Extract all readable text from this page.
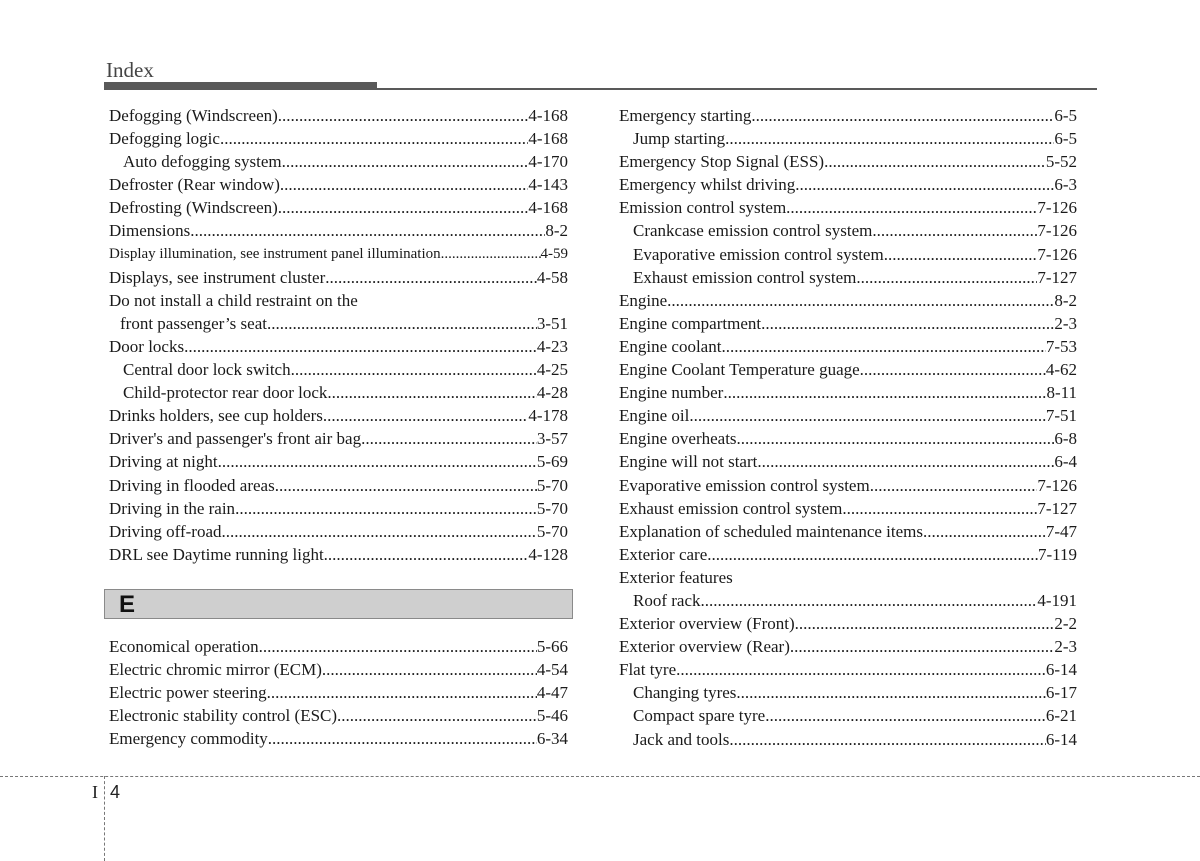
Index
Defogging (Windscreen) .....	4-168
Defogging logic .....	4-168
Auto defogging system .....	4-170
Defroster (Rear window) .....	4-143
Defrosting (Windscreen) .....	4-168
Dimensions .....	8-2
Display illumination, see instrument panel illumination .....	4-59
Displays, see instrument cluster .....	4-58
Do not install a child restraint on the
front passenger’s seat .....	3-51
Door locks .....	4-23
Central door lock switch .....	4-25
Child-protector rear door lock .....	4-28
Drinks holders, see cup holders .....	4-178
Driver's and passenger's front air bag .....	3-57
Driving at night .....	5-69
Driving in flooded areas .....	5-70
Driving in the rain .....	5-70
Driving off-road .....	5-70
DRL see Daytime running light .....	4-128
E
Economical operation .....	5-66
Electric chromic mirror (ECM) .....	4-54
Electric power steering .....	4-47
Electronic stability control (ESC) .....	5-46
Emergency commodity .....	6-34
Emergency starting .....	6-5
Jump starting .....	6-5
Emergency Stop Signal (ESS) .....	5-52
Emergency whilst driving .....	6-3
Emission control system .....	7-126
Crankcase emission control system .....	7-126
Evaporative emission control system .....	7-126
Exhaust emission control system .....	7-127
Engine .....	8-2
Engine compartment .....	2-3
Engine coolant .....	7-53
Engine Coolant Temperature guage .....	4-62
Engine number .....	8-11
Engine oil .....	7-51
Engine overheats .....	6-8
Engine will not start .....	6-4
Evaporative emission control system .....	7-126
Exhaust emission control system .....	7-127
Explanation of scheduled maintenance items .....	7-47
Exterior care .....	7-119
Exterior features
Roof rack .....	4-191
Exterior overview (Front) .....	2-2
Exterior overview (Rear) .....	2-3
Flat tyre .....	6-14
Changing tyres .....	6-17
Compact spare tyre .....	6-21
Jack and tools .....	6-14
I 4
